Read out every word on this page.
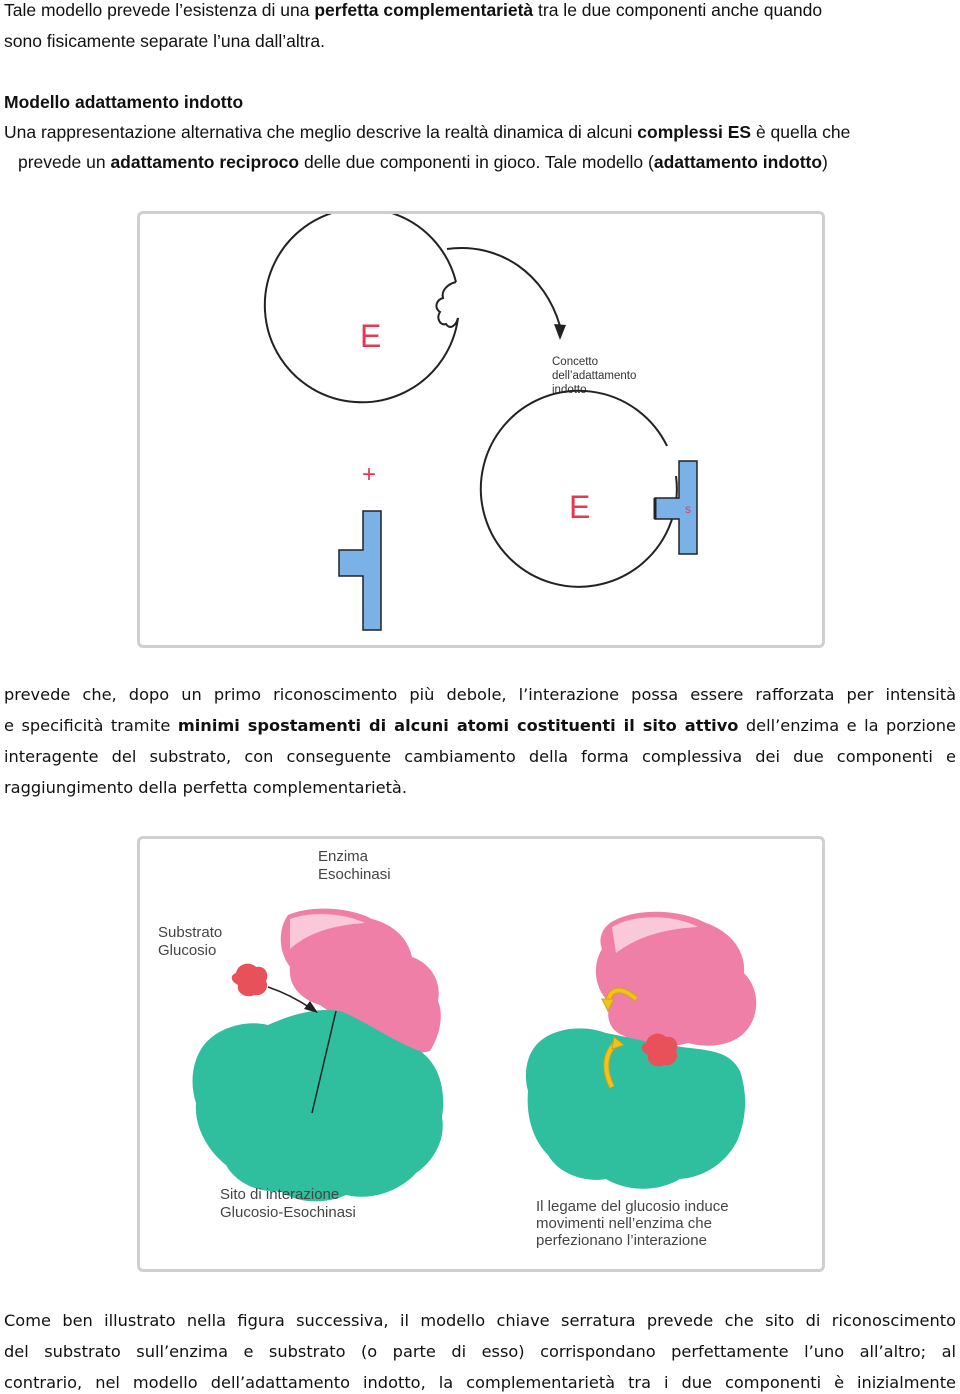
Tale modello prevede l’esistenza di una perfetta complementarietà tra le due componenti anche quando
sono fisicamente separate l’una dall’altra.
Modello adattamento indotto
Una rappresentazione alternativa che meglio descrive la realtà dinamica di alcuni complessi ES è quella che
prevede un adattamento reciproco delle due componenti in gioco. Tale modello (adattamento indotto)
E
Concetto dell’adattamento indotto
+
E	s
prevede che, dopo un primo riconoscimento più debole, l’interazione possa essere rafforzata per intensità
e specificità tramite minimi spostamenti di alcuni atomi costituenti il sito attivo dell’enzima e la porzione
interagente del substrato, con conseguente cambiamento della forma complessiva dei due componenti e
raggiungimento della perfetta complementarietà.
Enzima Esochinasi
Substrato Glucosio
Sito di interazione Glucosio-Esochinasi	Il legame del glucosio induce movimenti nell’enzima che perfezionano l’interazione
Come ben illustrato nella figura successiva, il modello chiave serratura prevede che sito di riconoscimento
del substrato sull’enzima e substrato (o parte di esso) corrispondano perfettamente l’uno all’altro; al
contrario, nel modello dell’adattamento indotto, la complementarietà tra i due componenti è inizialmente
